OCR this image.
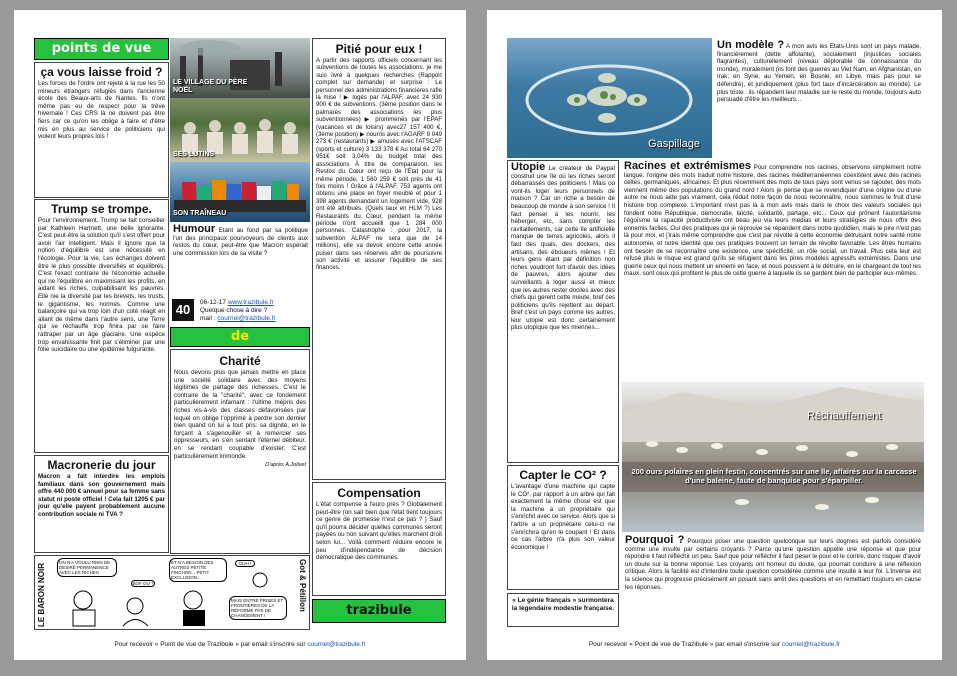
points de vue
ça vous laisse froid ?
Les forces de l'ordre ont rejeté à la rue les 50 mineurs étrangers réfugiés dans l'ancienne école des Beaux-arts de Nantes. Ils n'ont même pas eu de respect pour la trêve hivernale ! Ces CRS là ne doivent pas être fiers car ce qu'on les oblige à faire et d'être mis en plus au service de politiciens qui violent leurs propres lois !
Trump se trompe.
Pour l'environnement, Trump se fait conseiller par Kathleen Hartnett, une belle ignorante. C'est peut-être la solution qu'il s'est offert pour avoir l'air intelligent. Mais il ignore que la notion d'équilibre est une nécessité en l'écologie. Pour la vie, Les échanges doivent être le plus possible diversifiés et équilibrés. C'est l'exact contraire de l'économie actuelle qui ne l'équilibre en maximisant les profits, en aidant les riches, culpabilisant les pauvres. Elle nie la diversité par les brevets, les trusts, le gigantisme, les normes. Comme une balançoire qui va trop loin d'un coté réagit en allant de même dans l'autre sens, une Terre qui se réchauffe trop finira par se faire rattraper par un âge glaciaire. Une espèce trop envahissante finit par s'éliminer par une folie suicidaire ou une épidémie fulgurante.
Macronerie du jour
Macron a fait interdire les emplois familiaux dans son gouvernement mais offre 440 000 € annuel pour sa femme sans statut ni poste officiel ! Cela fait 1205 € par jour qu'elle payent probablement aucune contribution sociale ni TVA ?
LE VILLAGE DU PÈRE NOËL
SES LUTINS
SON TRAÎNEAU
Humour Etant au fond par sa politique l'un des principaux pourvoyeurs de clients aux restos du cœur, peut-être que Macron espérait une commission lors de sa visite ?
40	06-12-17 www.trazibule.fr
Quelque chose à dire ?
mail : courriel@trazibule.fr
de
Charité
Nous devons plus que jamais mettre en place une société solidaire avec des moyens légitimes de partage des richesses. C'est le contraire de la "charité", avec ce fondement particulièrement infamant : l'ultime mépris des riches vis-à-vis des classes défavorisées par lequel on oblige l'opprimé à perdre son dernier bien quand on lui a tout pris: sa dignité, en le forçant à s'agenouiller et à remercier ses oppresseurs, en s'en sentant l'éternel débiteur, en se rendant coupable d'exister. C'est particulièrement immonde.
D'après A.Jolivet
Pitié pour eux !
A partir des rapports officiels concernant les subventions de toutes les associations, je me suis livré à quelques recherches (Rapport complet sur demande) et surprise : Le personnel des administrations financières rafle la mise ! ▶ logés par l'ALPAF, avec 24 930 900 € de subventions. (3ème position dans le palmarès des associations les plus subventionnées) ▶ prommenés par l'EPAF (vacances et de loisirs) avec27 157 400 €, (3ème position) ▶ nourris avec l'AGARF 9 049 273 € (restaurants) ▶ amusés avec l'ATSCAF (sports et culture) 3 133 378 € Au total 64 270 951€ soit 3,04% du budget total des associations À titre de comparaison, les Restos du Cœur ont reçu de l'État pour la même période, 1 560 259 € soit près de 41 fois moins ! Grâce à l'ALPAF, 753 agents ont obtenu une place en foyer meublé et pour 1 398 agents demandant un logement vide, 928 ont été attribués. (Quels taux en HLM ?) Les Restaurants du Cœur, pendant la même période n'ont accueilli que 1 284 000 personnes. Catastrophe : pour 2017, la subvention ALPAF ne sera que de 14 millions), elle va devoir encore cette année puiser dans ses réserves afin de poursuivre son activité et assurer l'équilibre de ses finances.
Compensation
L'état compense à l'euro près ? Globalement peut-être (on sait bien que l'état tient toujours ce genre de promesse n'est ce pas ? ) Sauf qu'il pourra décider quelles communes seront payées ou non suivant qu'elles marchent droit selon lui... Voilà comment réduire encore le peu d'indépendance de décision démocratique des communes.
trazibule
LE BARON NOIR	Got & Pétillon
ON N'A VOULU RIEN DE DÉSIRÉ PERMANENCE AVEC LES RICHES
BOF OU ?
ET N'A BESOIN DES AUTRES PETITE FINCHON... PETIT EXCLUSION...
OUH !
MAIS ENTRE PRISES ET FRONTIÈRES DE LA RÉFORME PAS DE CHANGEMENT !
Pour recevoir « Point de vue de Trazibule » par email s'inscrire sur courriel@trazibule.fr
Gaspillage
Un modèle ? A mon avis les Etats-Unis sont un pays malade, financièrement (dette affolante), socialement (injustices sociales flagrantes), culturellement (niveau déplorable de connaissance du monde), moralement (ils font des guerres au Viet Nam, en Afghanistan, en Irak, en Syrie, au Yemen, en Bosnie, en Libye, mais pas pour se défendre), et juridiquement (plus fort taux d'incarcération au monde). Le plus triste : ils répandent leur maladie sur le reste du monde, toujours auto persuadé d'être les meilleurs...
Utopie Le créateur de Paypal construit une île où les riches seront débarrassés des politiciens ! Mais où vont-ils loger leurs personnels de maison ? Car un riche a besoin de beaucoup de monde à son service ! Il faut penser à les nourrir, les héberger, etc, sans compter les ravitaillements, car cette île artificielle manque de terres agricoles, alors il faut des quais, des dockers, des artisans, des éboueurs mêmes ! Et leurs gens étant par définition non riches voudront fort d'avoir des idées de pauvres, alors ajouter des surveillants à loger aussi et mieux que les autres rester dociles avec des chefs qui gèrent cette meute, bref ces politiciens qu'ils rejettent au départ. Bref c'est un pays comme les autres, leur utopie est donc certainement plus utopique que les miennes...
Racines et extrémismes Pour comprendre nos racines, observons simplement notre langue, l'origine des mots traduit notre histoire, des racines méditerranéennes coexistent avec des racines celtes, germaniques, africaines. Et plus récemment des mots de tous pays sont venus se rajouter, des mots viennent même des populations du grand nord ! Alors je pense que se revendiquer d'une origine ou d'une autre ne nous aide pas vraiment, cela réduit notre façon de nous reconnaître, nous sommes le fruit d'une histoire trop complexe. L'important n'est pas là à mon avis mais dans le choix des valeurs sociales qui fondent notre République, démocratie, laïcité, solidarité, partage, etc... Ceux qui prônent l'autoritarisme l'égoïsme la rapacité productiviste ont beau jeu via leurs médias et leurs stratégies de nous offrir des ennemis faciles. Oui des pratiques qui je réprouve se répandent dans notre quotidien, mais le pire n'est pas là pour moi, et j'irais même comprendre que c'est par révolte à cette économie détruisant notre santé notre autonomie, et notre identité que ces pratiques trouvent un terrain de révolte favorable. Les êtres humains ont besoin de se reconnaître une existence, une spécificité, un rôle social, un travail. Plus cela leur est refusé plus le risque est grand qu'ils se réfugient dans les pires modèles agressifs extrémistes. Dans une guerre ceux qui nous mettent un ennemi en face, et nous poussent à le détruire, en le chargeant de tout les maux, sont ceux qui profitent le plus de cette guerre à laquelle ils se gardent bien de participer eux-mêmes.
Réchauffement
200 ours polaires en plein festin, concentrés sur une île, affairés sur la carcasse d'une baleine, faute de banquise pour s'éparpiller.
Capter le CO² ?
L'avantage d'une machine qui capte le CO², par rapport à un arbre qui fait exactement la même chose est que la machine a un propriétaire qui s'enrichit avec ce service. Alors que si l'arbre a un propriétaire celui-ci ne s'enrichira qu'en le coupant ! Et dans ce cas l'arbre n'a plus son valeur économique !
« Le génie français » surmontera la légendaire modestie française.
Pourquoi ? Pourquoi poser une question quelconque sur leurs dogmes est parfois considéré comme une insulte par certains croyants ? Parce qu'une question appelle une réponse et que pour répondre il faut réfléchir un peu. Sauf que pour réfléchir il faut peser le pour et le contre, donc risquer d'avoir un doute sur la bonne réponse. Les croyants ont horreur du doute, qui pourrait conduire à une réflexion critique. Alors la facilité est d'interdire toute question considérée comme une insulte à leur foi. L'inverse est la science qui progresse précisément en posant sans arrêt des questions et en remettant toujours en cause les réponses.
Pour recevoir « Point de vue de Trazibule » par email s'inscrire sur courriel@trazibule.fr
